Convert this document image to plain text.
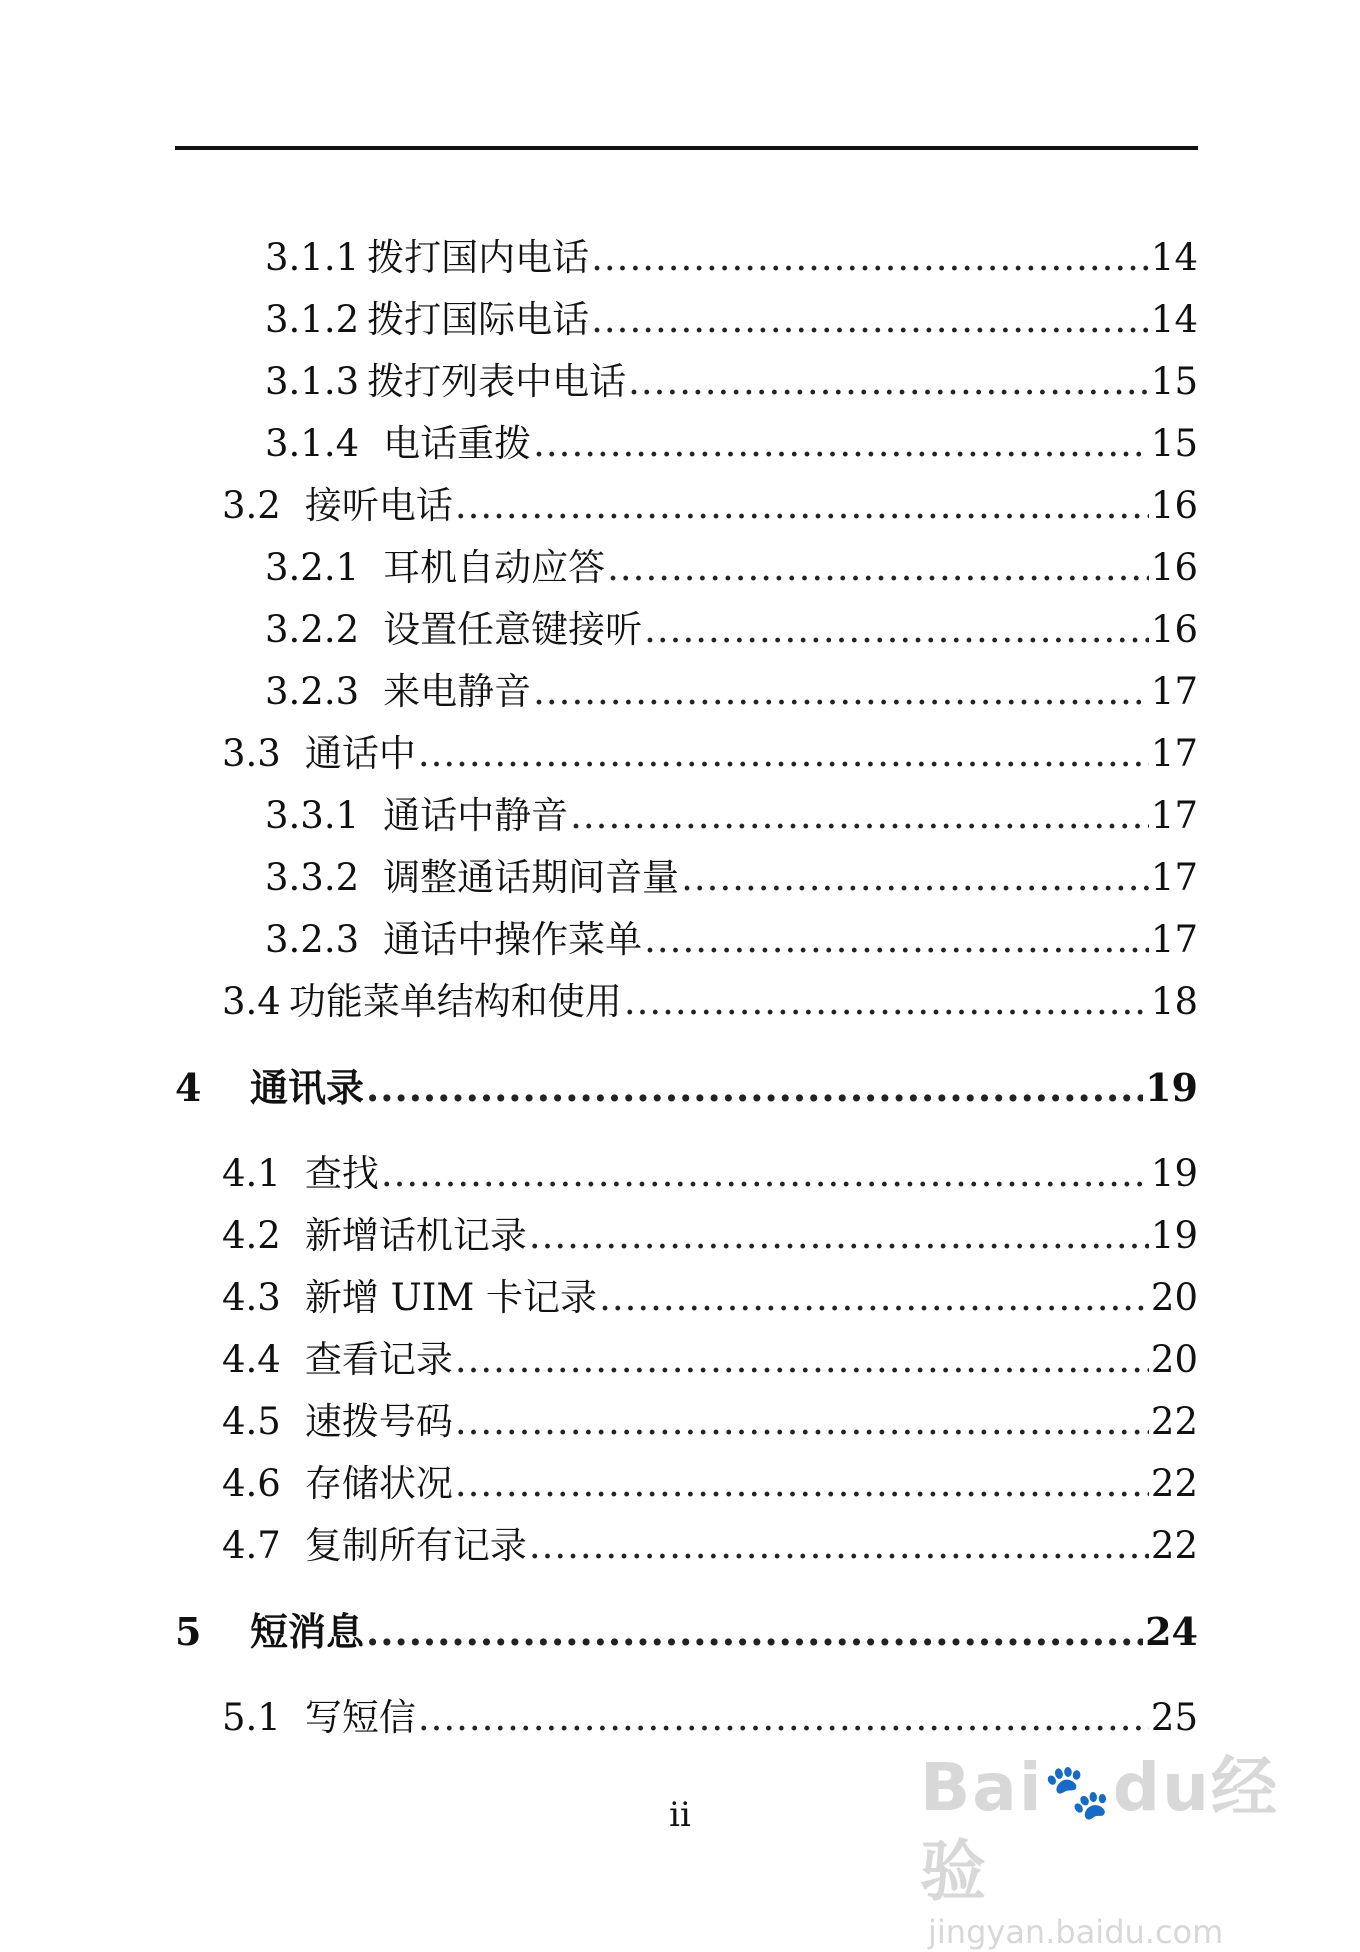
3.1.1 拨打国内电话 .....	14
3.1.2 拨打国际电话 .....	14
3.1.3 拨打列表中电话 .....	15
3.1.4 电话重拨 .....	15
3.2 接听电话 .....	16
3.2.1 耳机自动应答 .....	16
3.2.2 设置任意键接听 .....	16
3.2.3 来电静音 .....	17
3.3 通话中 .....	17
3.3.1 通话中静音 .....	17
3.3.2 调整通话期间音量 .....	17
3.2.3 通话中操作菜单 .....	17
3.4 功能菜单结构和使用 .....	18
4	通讯录 .....	19
4.1 查找 .....	19
4.2 新增话机记录 .....	19
4.3 新增 UIM 卡记录 .....	20
4.4 查看记录 .....	20
4.5 速拨号码 .....	22
4.6 存储状况 .....	22
4.7 复制所有记录 .....	22
5	短消息 .....	24
5.1 写短信 .....	25
ii	Bai🐾du经验
jingyan.baidu.com
